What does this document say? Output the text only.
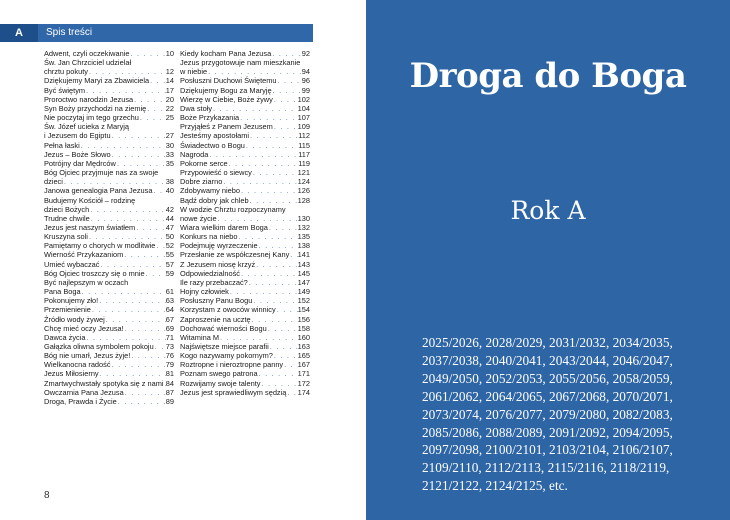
A	Spis treści
Adwent, czyli oczekiwanie . . .	10
Św. Jan Chrzciciel udzielał
chrztu pokuty . . .	12
Dziękujemy Maryi za Zbawiciela . . . 14
Być świętym . . .	17
Proroctwo narodzin Jezusa . . .	20
Syn Boży przychodzi na ziemię . . .	22
Nie poczytaj im tego grzechu . . .	25
Św. Józef ucieka z Maryją
i Jezusem do Egiptu . . .	27
Pełna łaski . . .	30
Jezus – Boże Słowo . . .	33
Potrójny dar Mędrców . . .	35
Bóg Ojciec przyjmuje nas za swoje
dzieci . . .	38
Janowa genealogia Pana Jezusa . . . 40
Budujemy Kościół – rodzinę
dzieci Bożych . . .	42
Trudne chwile . . .	44
Jezus jest naszym światłem . . .	47
Kruszyna soli . . .	50
Pamiętamy o chorych w modlitwie . . . 52
Wierność Przykazaniom . . .	55
Umieć wybaczać . . .	57
Bóg Ojciec troszczy się o mnie . . .	59
Być najlepszym w oczach
Pana Boga . . .	61
Pokonujemy zło! . . .	63
Przemienienie . . .	64
Źródło wody żywej . . .	67
Chcę mieć oczy Jezusa! . . .	69
Dawca życia . . .	71
Gałązka oliwna symbolem pokoju . . . 73
Bóg nie umarł, Jezus żyje! . . .	76
Wielkanocna radość . . .	79
Jezus Miłosierny . . .	81
Zmartwychwstały spotyka się z nami . . . 84
Owczarnia Pana Jezusa . . .	87
Droga, Prawda i Życie . . .	89
Kiedy kocham Pana Jezusa . . .	92
Jezus przygotowuje nam mieszkanie
w niebie . . .	94
Posłuszni Duchowi Świętemu . . .	96
Dziękujemy Bogu za Maryję . . .	99
Wierzę w Ciebie, Boże żywy . . .	102
Dwa stoły . . .	104
Boże Przykazania . . .	107
Przyjąłeś z Panem Jezusem . . .	109
Jesteśmy apostołami . . .	112
Świadectwo o Bogu . . .	115
Nagroda . . .	117
Pokorne serce . . .	119
Przypowieść o siewcy . . .	121
Dobre ziarno . . .	124
Zdobywamy niebo . . .	126
Bądź dobry jak chleb . . .	128
W wodzie Chrztu rozpoczynamy
nowe życie . . .	130
Wiara wielkim darem Boga . . .	132
Konkurs na niebo . . .	135
Podejmuję wyrzeczenie . . .	138
Przesłanie ze współczesnej Kany . . . 141
Z Jezusem niosę krzyż . . .	143
Odpowiedzialność . . .	145
Ile razy przebaczać? . . .	147
Hojny człowiek . . .	149
Posłuszny Panu Bogu . . .	152
Korzystam z owoców winnicy . . .	154
Zaproszenie na ucztę . . .	156
Dochować wierności Bogu . . .	158
Witamina M . . .	160
Najświętsze miejsce parafii . . .	163
Kogo nazywamy pokornym? . . .	165
Roztropne i nieroztropne panny . . . 167
Poznam swego patrona . . .	171
Rozwijamy swoje talenty . . .	172
Jezus jest sprawiedliwym sędzią . . . 174
8
Droga do Boga
Rok A
2025/2026, 2028/2029, 2031/2032, 2034/2035, 2037/2038, 2040/2041, 2043/2044, 2046/2047, 2049/2050, 2052/2053, 2055/2056, 2058/2059, 2061/2062, 2064/2065, 2067/2068, 2070/2071, 2073/2074, 2076/2077, 2079/2080, 2082/2083, 2085/2086, 2088/2089, 2091/2092, 2094/2095, 2097/2098, 2100/2101, 2103/2104, 2106/2107, 2109/2110, 2112/2113, 2115/2116, 2118/2119, 2121/2122, 2124/2125, etc.
